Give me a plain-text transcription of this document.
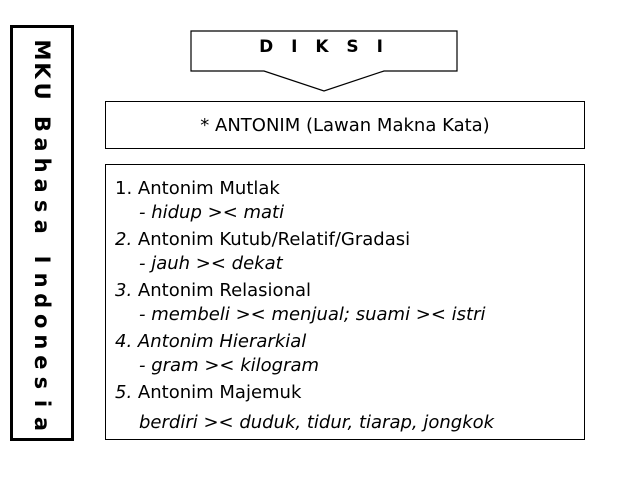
M
K
U
B
a
h
a
s
a
I
n
d
o
n
e
s
i
a
D I K S I
* ANTONIM (Lawan Makna Kata)
1. Antonim Mutlak
- hidup >< mati
2. Antonim Kutub/Relatif/Gradasi
- jauh >< dekat
3. Antonim Relasional
- membeli >< menjual; suami >< istri
4. Antonim Hierarkial
- gram >< kilogram
5. Antonim Majemuk
berdiri >< duduk, tidur, tiarap, jongkok
